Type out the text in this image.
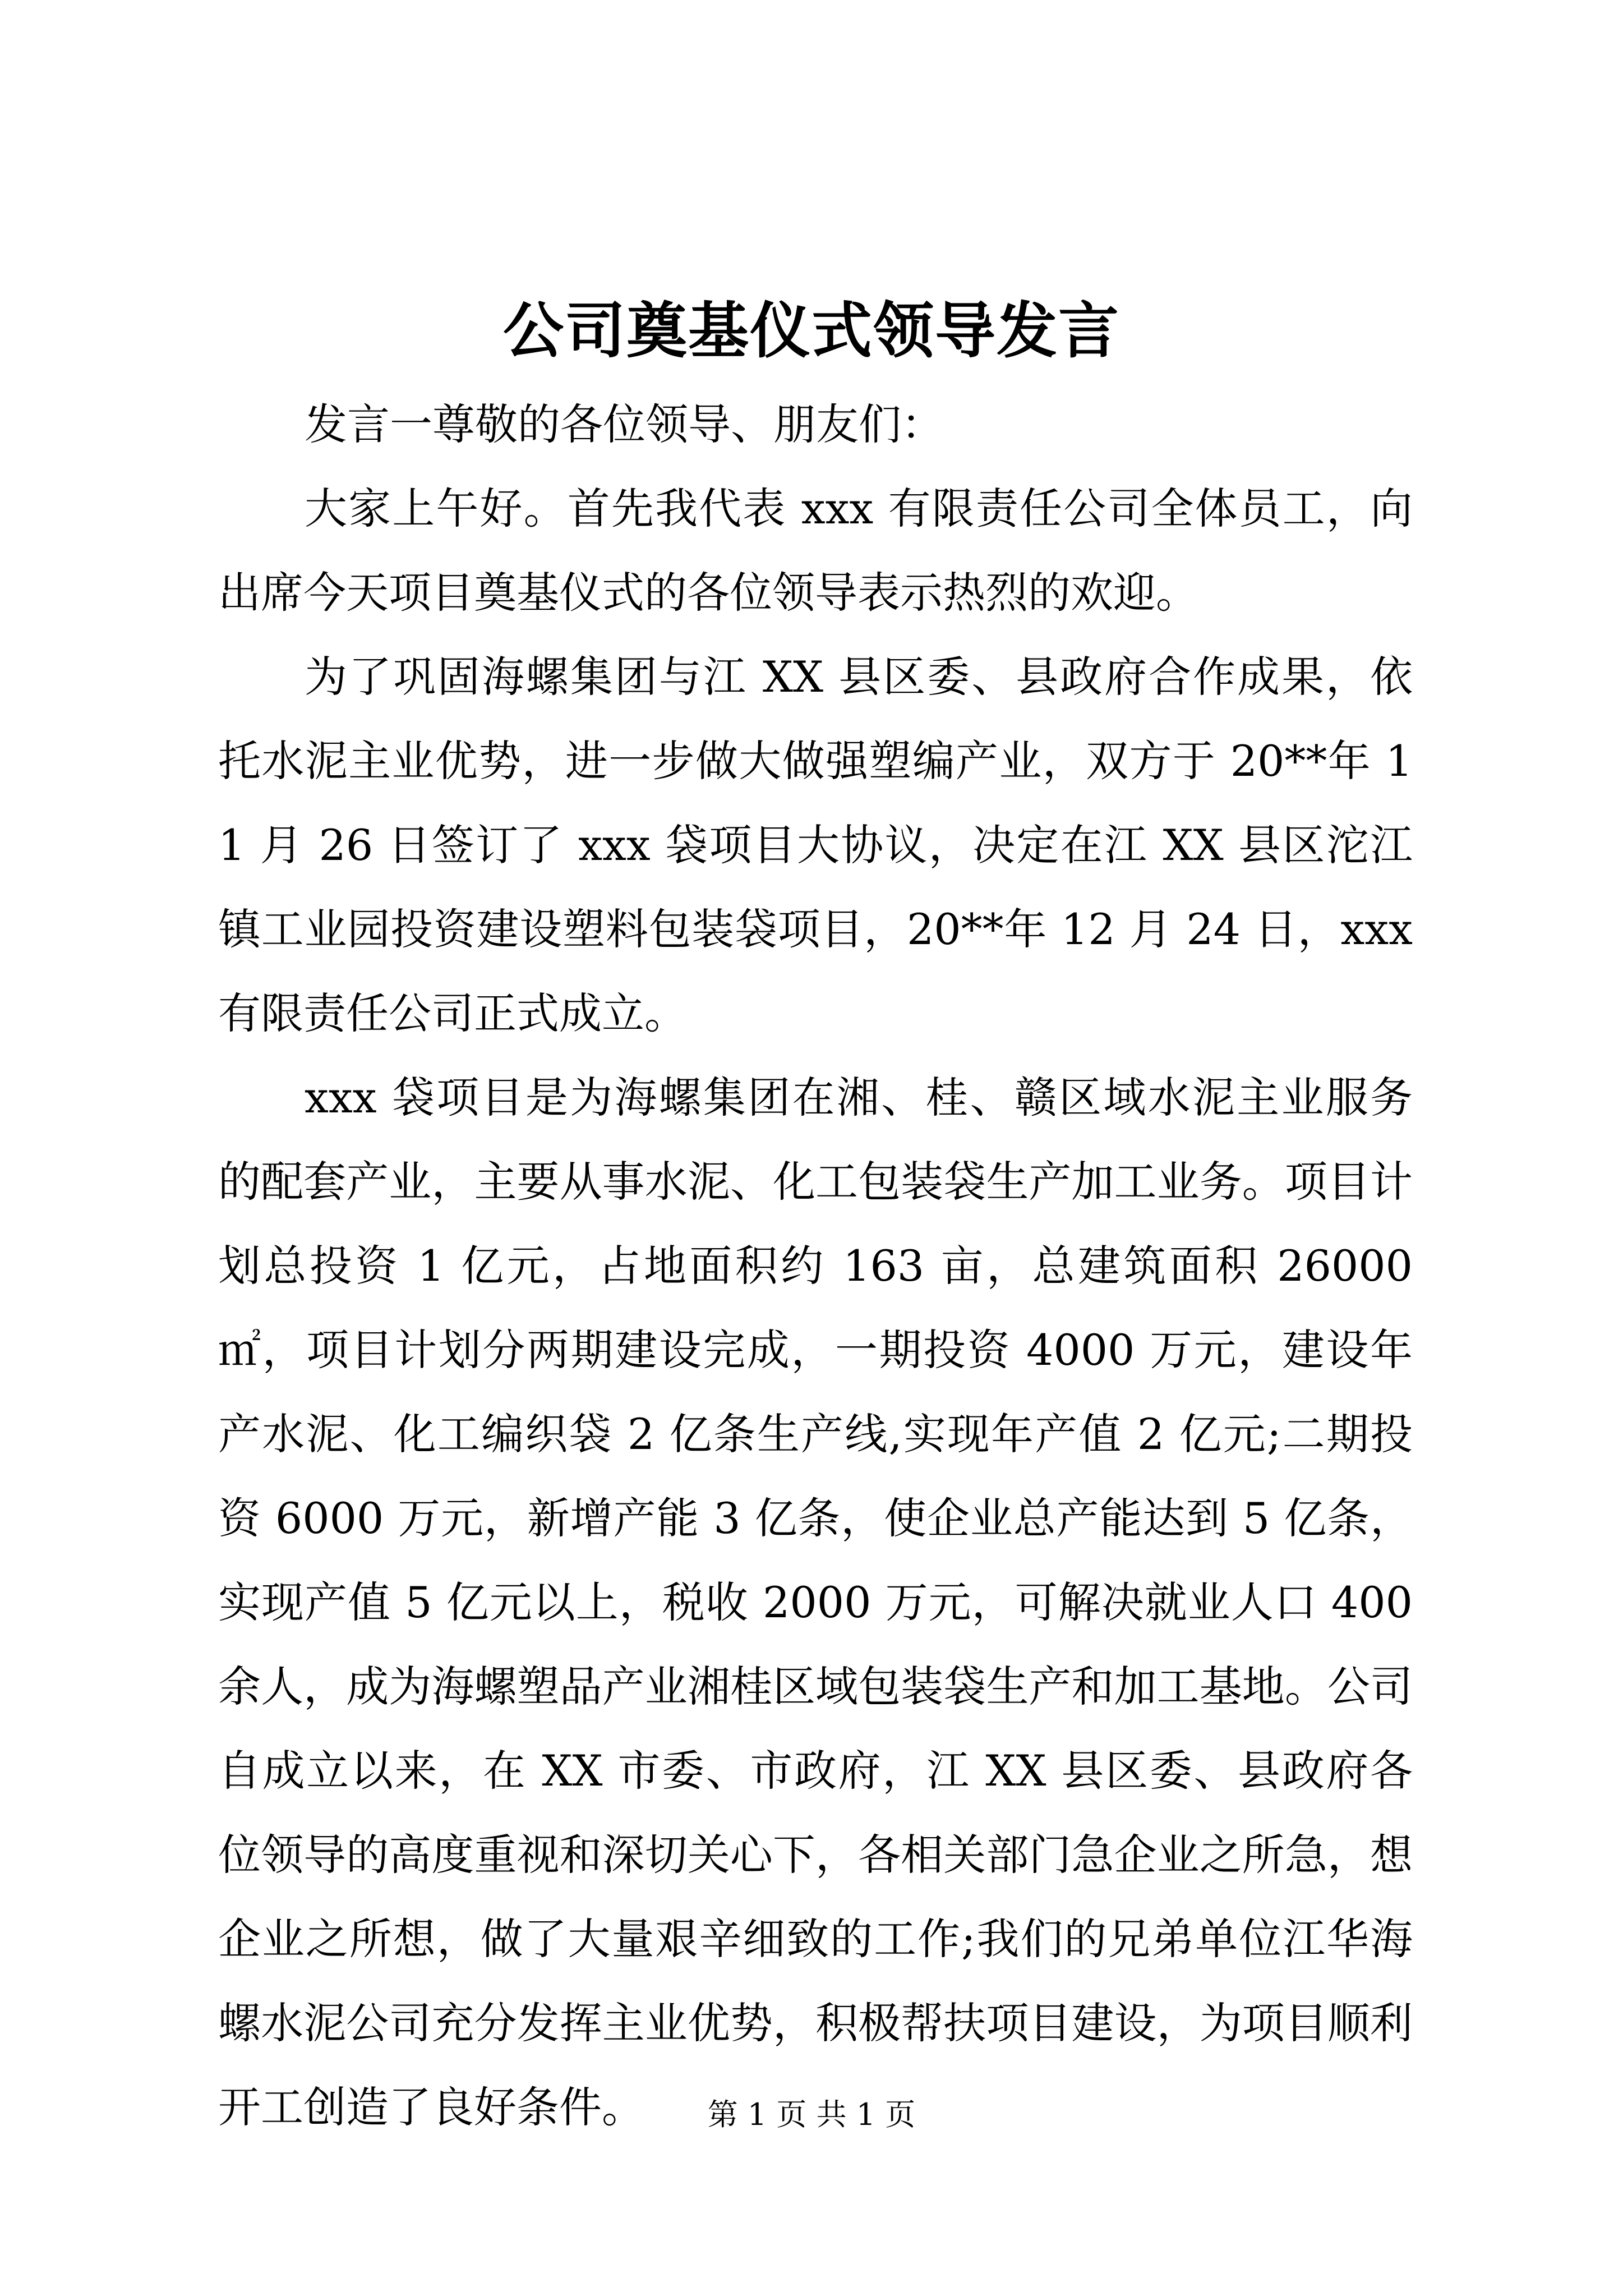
公司奠基仪式领导发言

发言一尊敬的各位领导、朋友们：

大家上午好。首先我代表 xxx 有限责任公司全体员工，向出席今天项目奠基仪式的各位领导表示热烈的欢迎。

为了巩固海螺集团与江 XX 县区委、县政府合作成果，依托水泥主业优势，进一步做大做强塑编产业，双方于 20**年 11 月 26 日签订了 xxx 袋项目大协议，决定在江 XX 县区沱江镇工业园投资建设塑料包装袋项目，20**年 12 月 24 日，xxx 有限责任公司正式成立。

xxx 袋项目是为海螺集团在湘、桂、赣区域水泥主业服务的配套产业，主要从事水泥、化工包装袋生产加工业务。项目计划总投资 1 亿元，占地面积约 163 亩，总建筑面积 26000㎡，项目计划分两期建设完成，一期投资 4000 万元，建设年产水泥、化工编织袋 2 亿条生产线,实现年产值 2 亿元;二期投资 6000 万元，新增产能 3 亿条，使企业总产能达到 5 亿条，实现产值 5 亿元以上，税收 2000 万元，可解决就业人口 400 余人，成为海螺塑品产业湘桂区域包装袋生产和加工基地。公司自成立以来，在 XX 市委、市政府，江 XX 县区委、县政府各位领导的高度重视和深切关心下，各相关部门急企业之所急，想企业之所想，做了大量艰辛细致的工作;我们的兄弟单位江华海螺水泥公司充分发挥主业优势，积极帮扶项目建设，为项目顺利开工创造了良好条件。	第 1 页 共 1 页
